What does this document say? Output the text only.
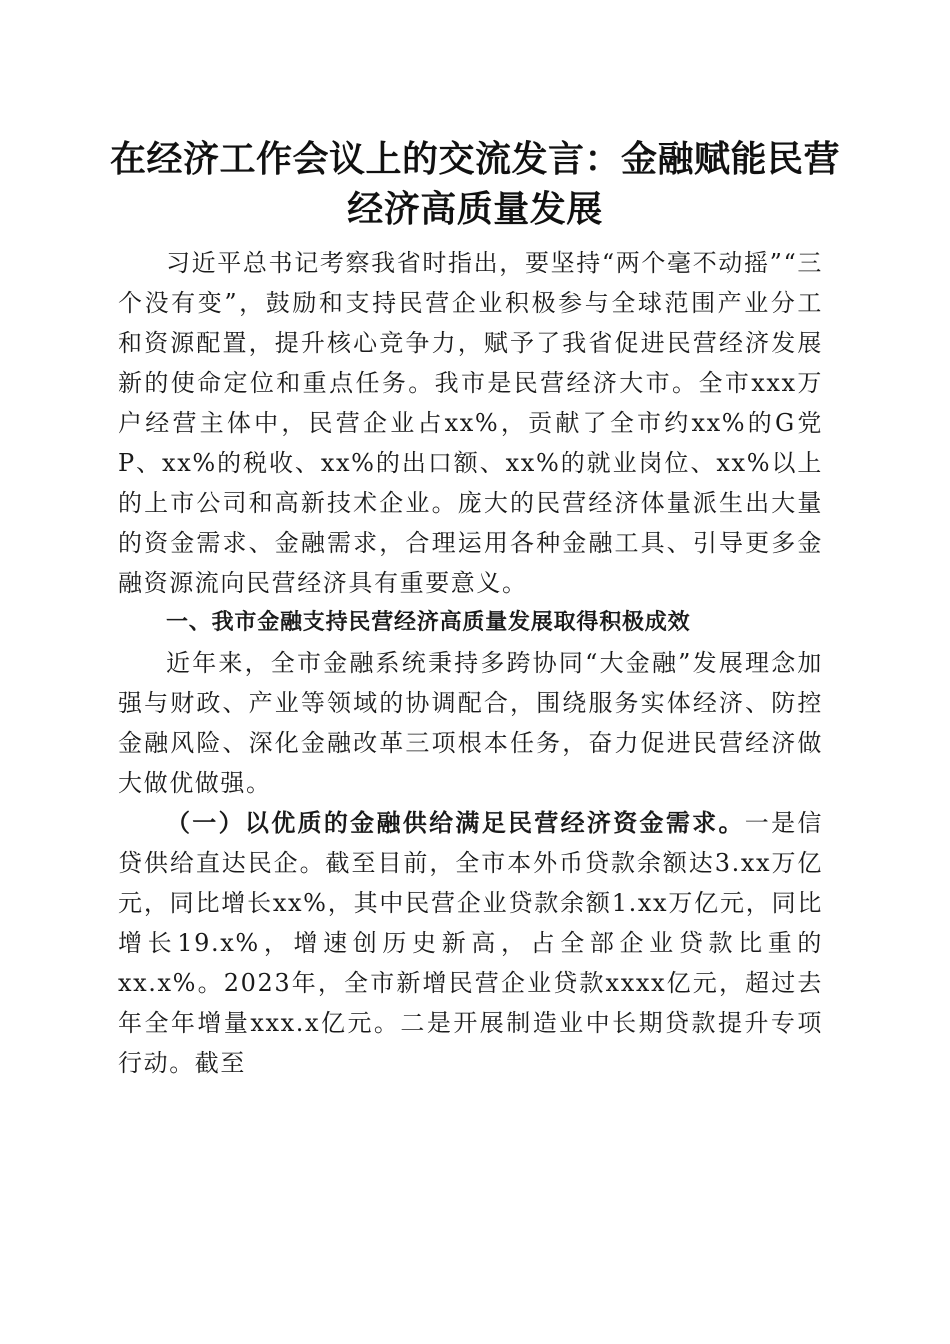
在经济工作会议上的交流发言：金融赋能民营
经济高质量发展

习近平总书记考察我省时指出，要坚持“两个毫不动摇”“三个没有变”，鼓励和支持民营企业积极参与全球范围产业分工和资源配置，提升核心竞争力，赋予了我省促进民营经济发展新的使命定位和重点任务。我市是民营经济大市。全市xxx万户经营主体中，民营企业占xx%，贡献了全市约xx%的G党P、xx%的税收、xx%的出口额、xx%的就业岗位、xx%以上的上市公司和高新技术企业。庞大的民营经济体量派生出大量的资金需求、金融需求，合理运用各种金融工具、引导更多金融资源流向民营经济具有重要意义。

一、我市金融支持民营经济高质量发展取得积极成效

近年来，全市金融系统秉持多跨协同“大金融”发展理念加强与财政、产业等领域的协调配合，围绕服务实体经济、防控金融风险、深化金融改革三项根本任务，奋力促进民营经济做大做优做强。

（一）以优质的金融供给满足民营经济资金需求。一是信贷供给直达民企。截至目前，全市本外币贷款余额达3.xx万亿元，同比增长xx%，其中民营企业贷款余额1.xx万亿元，同比增长19.x%，增速创历史新高，占全部企业贷款比重的xx.x%。2023年，全市新增民营企业贷款xxxx亿元，超过去年全年增量xxx.x亿元。二是开展制造业中长期贷款提升专项行动。截至
